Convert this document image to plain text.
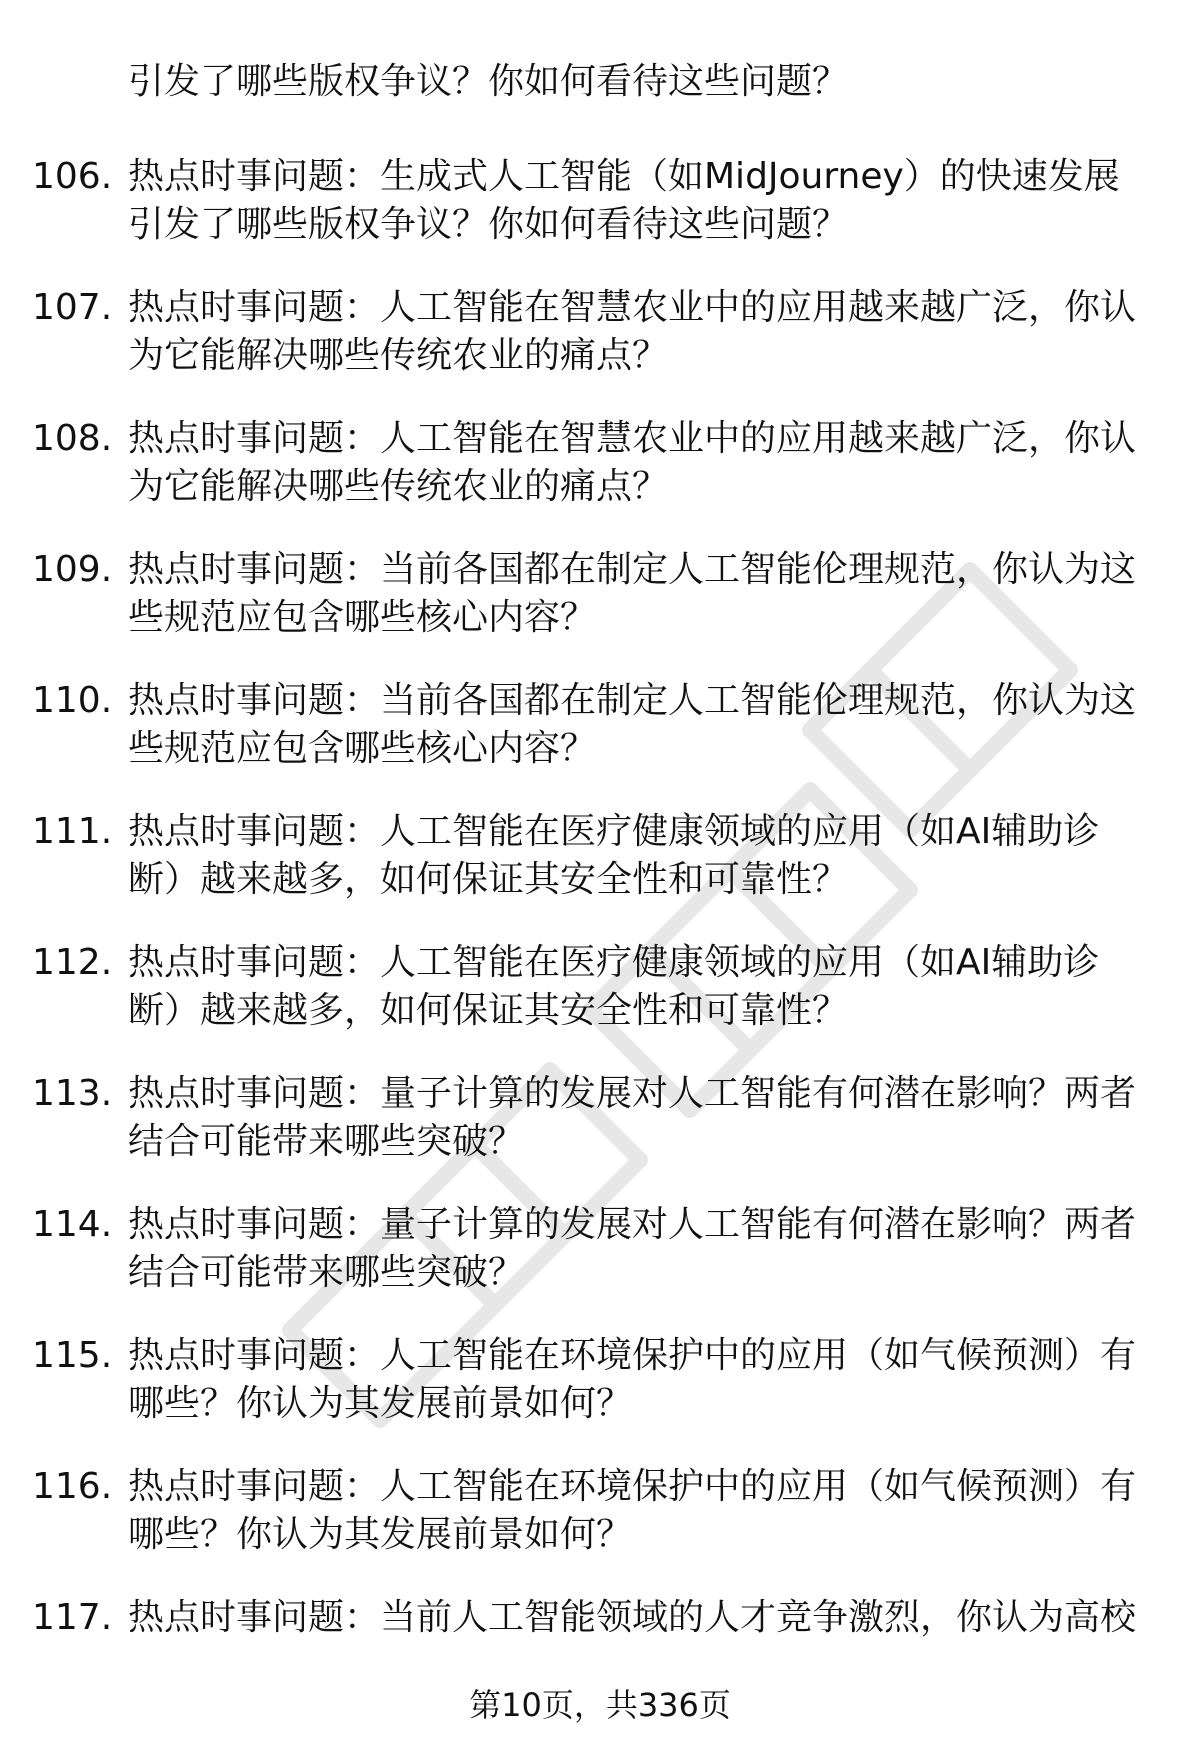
引发了哪些版权争议？你如何看待这些问题？
106. 热点时事问题：生成式人工智能（如MidJourney）的快速发展
引发了哪些版权争议？你如何看待这些问题？
107. 热点时事问题：人工智能在智慧农业中的应用越来越广泛，你认
为它能解决哪些传统农业的痛点？
108. 热点时事问题：人工智能在智慧农业中的应用越来越广泛，你认
为它能解决哪些传统农业的痛点？
109. 热点时事问题：当前各国都在制定人工智能伦理规范，你认为这
些规范应包含哪些核心内容？
110. 热点时事问题：当前各国都在制定人工智能伦理规范，你认为这
些规范应包含哪些核心内容？
111. 热点时事问题：人工智能在医疗健康领域的应用（如AI辅助诊
断）越来越多，如何保证其安全性和可靠性？
112. 热点时事问题：人工智能在医疗健康领域的应用（如AI辅助诊
断）越来越多，如何保证其安全性和可靠性？
113. 热点时事问题：量子计算的发展对人工智能有何潜在影响？两者
结合可能带来哪些突破？
114. 热点时事问题：量子计算的发展对人工智能有何潜在影响？两者
结合可能带来哪些突破？
115. 热点时事问题：人工智能在环境保护中的应用（如气候预测）有
哪些？你认为其发展前景如何？
116. 热点时事问题：人工智能在环境保护中的应用（如气候预测）有
哪些？你认为其发展前景如何？
117. 热点时事问题：当前人工智能领域的人才竞争激烈，你认为高校
第10页，共336页
